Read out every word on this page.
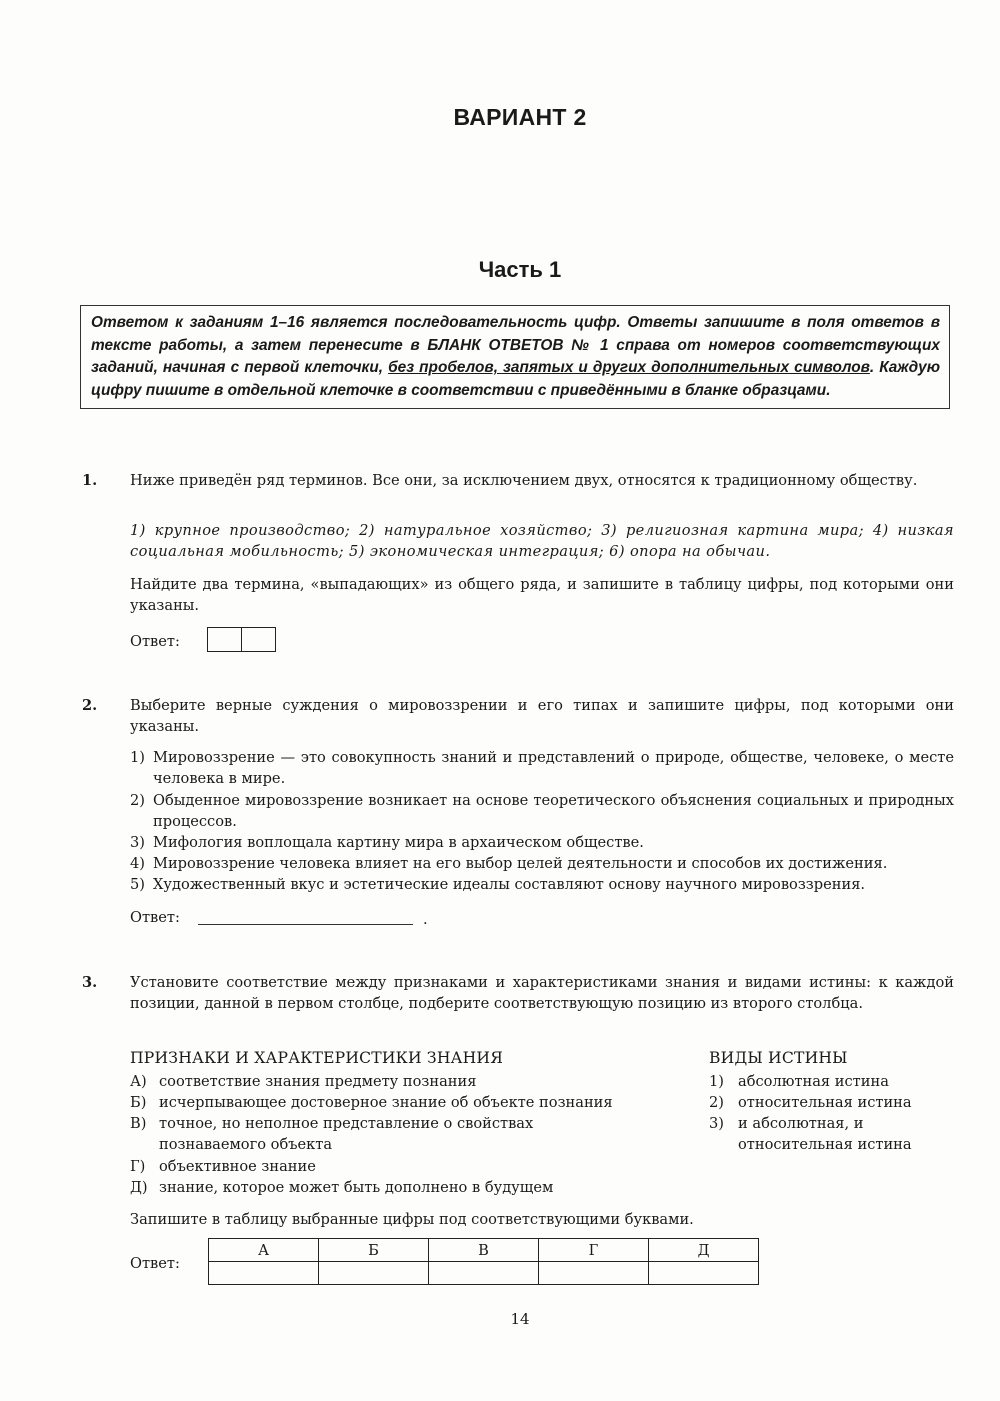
ВАРИАНТ 2
Часть 1
Ответом к заданиям 1–16 является последовательность цифр. Ответы запишите в поля ответов в тексте работы, а затем перенесите в БЛАНК ОТВЕТОВ № 1 справа от номеров соответствующих заданий, начиная с первой клеточки, без пробелов, запятых и других дополнительных символов. Каждую цифру пишите в отдельной клеточке в соответствии с приведёнными в бланке образцами.
1. Ниже приведён ряд терминов. Все они, за исключением двух, относятся к традиционному обществу.
1) крупное производство; 2) натуральное хозяйство; 3) религиозная картина мира; 4) низкая социальная мобильность; 5) экономическая интеграция; 6) опора на обычаи.
Найдите два термина, «выпадающих» из общего ряда, и запишите в таблицу цифры, под которыми они указаны.
Ответ:
2. Выберите верные суждения о мировоззрении и его типах и запишите цифры, под которыми они указаны.
1) Мировоззрение — это совокупность знаний и представлений о природе, обществе, человеке, о месте человека в мире.
2) Обыденное мировоззрение возникает на основе теоретического объяснения социальных и природных процессов.
3) Мифология воплощала картину мира в архаическом обществе.
4) Мировоззрение человека влияет на его выбор целей деятельности и способов их достижения.
5) Художественный вкус и эстетические идеалы составляют основу научного мировоззрения.
Ответ:	.
3. Установите соответствие между признаками и характеристиками знания и видами истины: к каждой позиции, данной в первом столбце, подберите соответствующую позицию из второго столбца.
ПРИЗНАКИ И ХАРАКТЕРИСТИКИ ЗНАНИЯ	ВИДЫ ИСТИНЫ
А) соответствие знания предмету познания
Б) исчерпывающее достоверное знание об объекте познания
В) точное, но неполное представление о свойствах познаваемого объекта
Г) объективное знание
Д) знание, которое может быть дополнено в будущем
1) абсолютная истина
2) относительная истина
3) и абсолютная, и относительная истина
Запишите в таблицу выбранные цифры под соответствующими буквами.
Ответ:
А	Б	В	Г	Д

14
